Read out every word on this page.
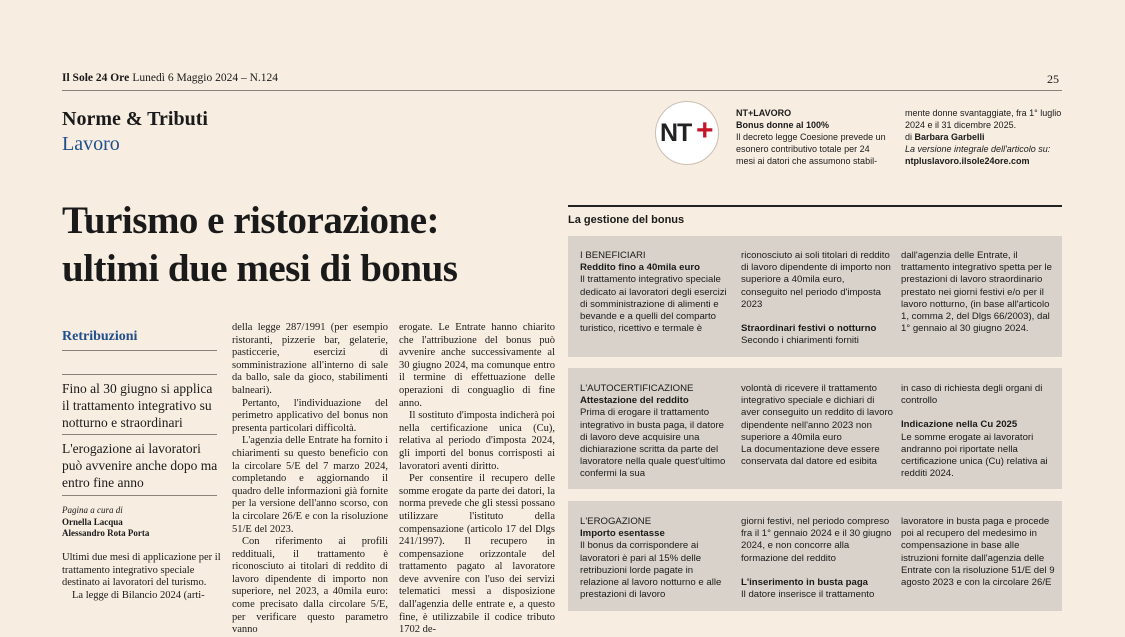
Il Sole 24 Ore Lunedì 6 Maggio 2024 – N.124	25
Norme & Tributi
Lavoro	NT +
NT+LAVORO
Bonus donne al 100%
Il decreto legge Coesione prevede un esonero contributivo totale per 24 mesi ai datori che assumono stabil-
mente donne svantaggiate, fra 1° luglio 2024 e il 31 dicembre 2025.
di Barbara Garbelli
La versione integrale dell'articolo su:
ntpluslavoro.ilsole24ore.com
Turismo e ristorazione: ultimi due mesi di bonus
Retribuzioni
Fino al 30 giugno si applica il trattamento integrativo su notturno e straordinari
L'erogazione ai lavoratori può avvenire anche dopo ma entro fine anno
Pagina a cura di
Ornella Lacqua
Alessandro Rota Porta
Ultimi due mesi di applicazione per il trattamento integrativo speciale destinato ai lavoratori del turismo.
La legge di Bilancio 2024 (arti-

della legge 287/1991 (per esempio ristoranti, pizzerie bar, gelaterie, pasticcerie, esercizi di somministrazione all'interno di sale da ballo, sale da gioco, stabilimenti balneari).

Pertanto, l'individuazione del perimetro applicativo del bonus non presenta particolari difficoltà.

L'agenzia delle Entrate ha fornito i chiarimenti su questo beneficio con la circolare 5/E del 7 marzo 2024, completando e aggiornando il quadro delle informazioni già fornite per la versione dell'anno scorso, con la circolare 26/E e con la risoluzione 51/E del 2023.

Con riferimento ai profili reddituali, il trattamento è riconosciuto ai titolari di reddito di lavoro dipendente di importo non superiore, nel 2023, a 40mila euro: come precisato dalla circolare 5/E, per verificare questo parametro vanno

erogate. Le Entrate hanno chiarito che l'attribuzione del bonus può avvenire anche successivamente al 30 giugno 2024, ma comunque entro il termine di effettuazione delle operazioni di conguaglio di fine anno.

Il sostituto d'imposta indicherà poi nella certificazione unica (Cu), relativa al periodo d'imposta 2024, gli importi del bonus corrisposti ai lavoratori aventi diritto.

Per consentire il recupero delle somme erogate da parte dei datori, la norma prevede che gli stessi possano utilizzare l'istituto della compensazione (articolo 17 del Dlgs 241/1997). Il recupero in compensazione orizzontale del trattamento pagato al lavoratore deve avvenire con l'uso dei servizi telematici messi a disposizione dall'agenzia delle entrate e, a questo fine, è utilizzabile il codice tributo 1702 de-

La gestione del bonus
I BENEFICIARI
Reddito fino a 40mila euro
Il trattamento integrativo speciale dedicato ai lavoratori degli esercizi di somministrazione di alimenti e bevande e a quelli del comparto turistico, ricettivo e termale è
riconosciuto ai soli titolari di reddito di lavoro dipendente di importo non superiore a 40mila euro, conseguito nel periodo d'imposta 2023
Straordinari festivi o notturno
Secondo i chiarimenti forniti
dall'agenzia delle Entrate, il trattamento integrativo spetta per le prestazioni di lavoro straordinario prestato nei giorni festivi e/o per il lavoro notturno, (in base all'articolo 1, comma 2, del Dlgs 66/2003), dal 1° gennaio al 30 giugno 2024.
L'AUTOCERTIFICAZIONE
Attestazione del reddito
Prima di erogare il trattamento integrativo in busta paga, il datore di lavoro deve acquisire una dichiarazione scritta da parte del lavoratore nella quale quest'ultimo confermi la sua
volontà di ricevere il trattamento integrativo speciale e dichiari di aver conseguito un reddito di lavoro dipendente nell'anno 2023 non superiore a 40mila euro
La documentazione deve essere conservata dal datore ed esibita
in caso di richiesta degli organi di controllo
Indicazione nella Cu 2025
Le somme erogate ai lavoratori andranno poi riportate nella certificazione unica (Cu) relativa ai redditi 2024.
L'EROGAZIONE
Importo esentasse
Il bonus da corrispondere ai lavoratori è pari al 15% delle retribuzioni lorde pagate in relazione al lavoro notturno e alle prestazioni di lavoro
giorni festivi, nel periodo compreso fra il 1° gennaio 2024 e il 30 giugno 2024, e non concorre alla formazione del reddito
L'inserimento in busta paga
Il datore inserisce il trattamento
lavoratore in busta paga e procede poi al recupero del medesimo in compensazione in base alle istruzioni fornite dall'agenzia delle Entrate con la risoluzione 51/E del 9 agosto 2023 e con la circolare 26/E
